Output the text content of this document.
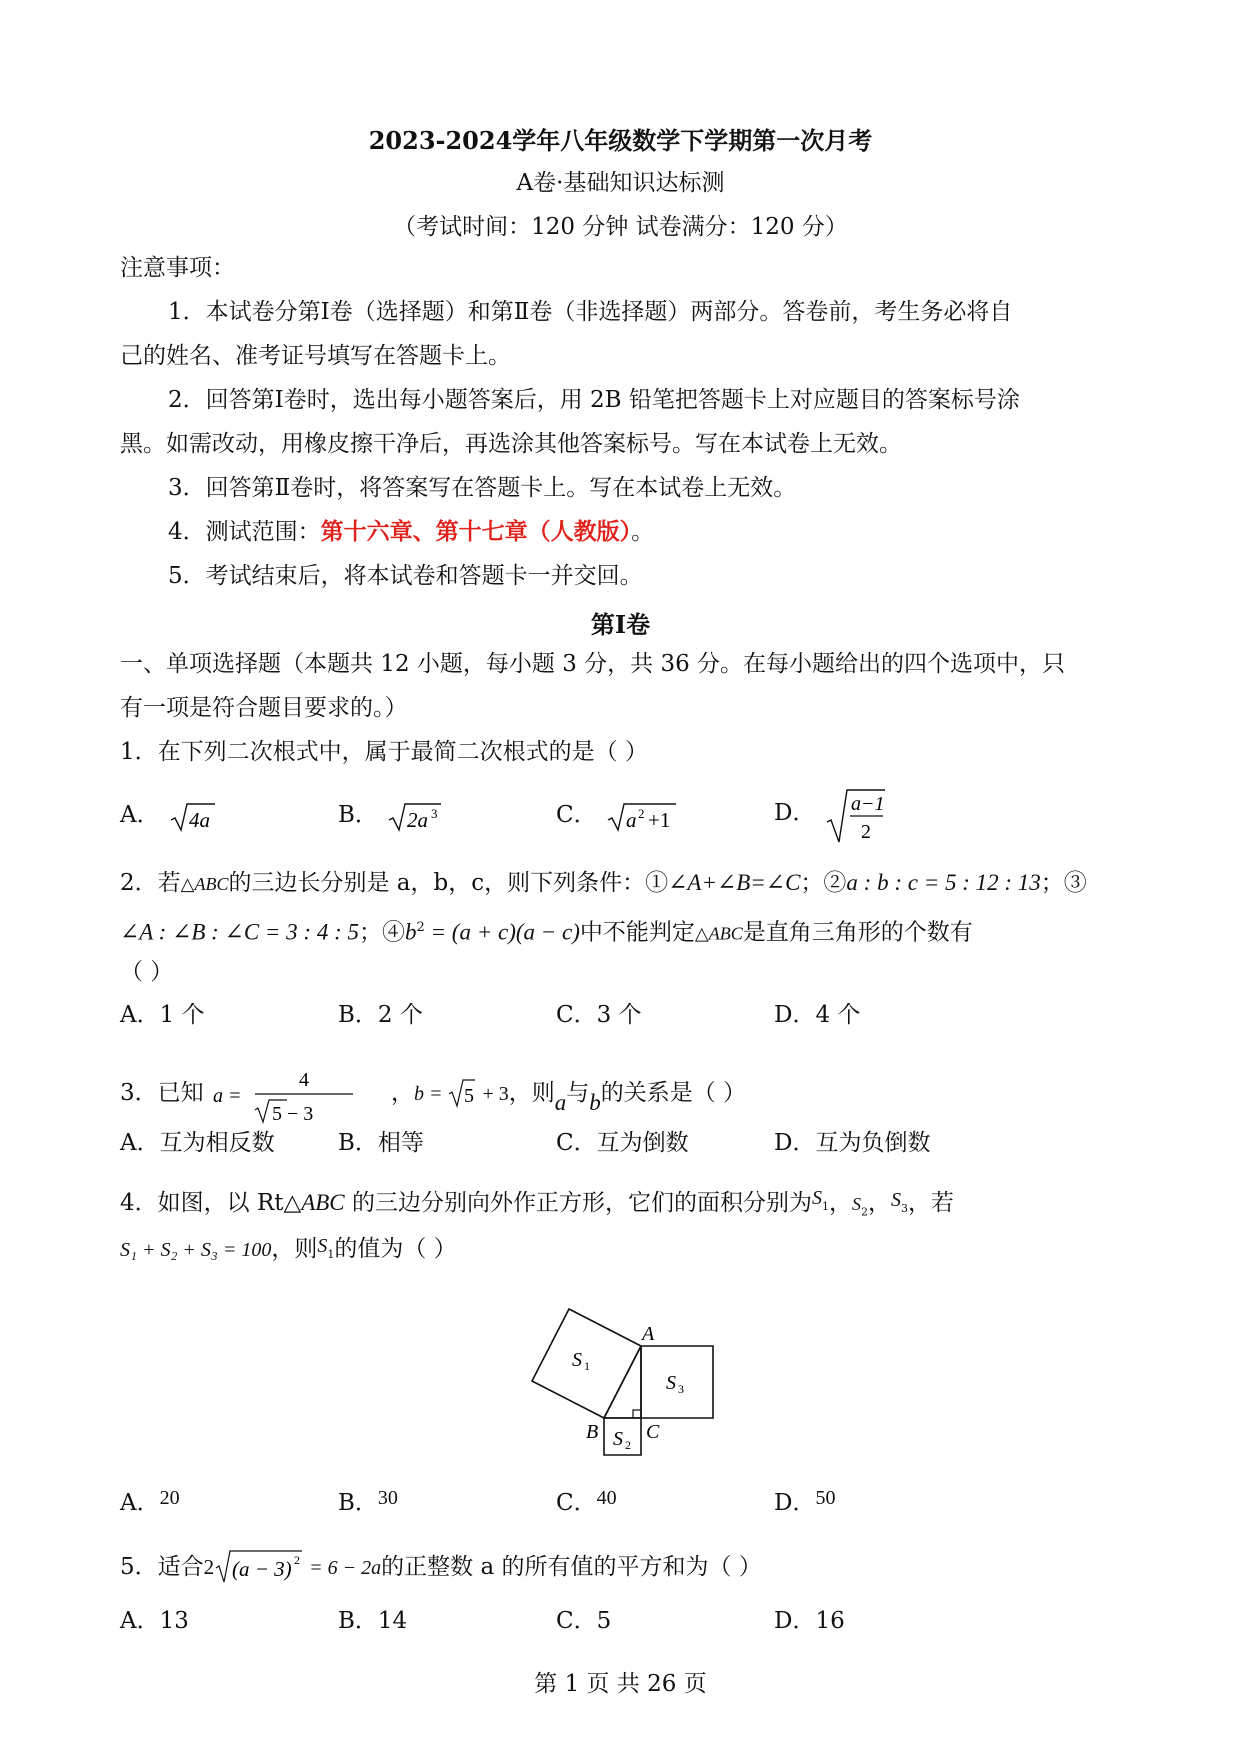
2023-2024学年八年级数学下学期第一次月考
A卷·基础知识达标测
（考试时间：120 分钟 试卷满分：120 分）
注意事项：
1．本试卷分第Ⅰ卷（选择题）和第Ⅱ卷（非选择题）两部分。答卷前，考生务必将自
己的姓名、准考证号填写在答题卡上。
2．回答第Ⅰ卷时，选出每小题答案后，用 2B 铅笔把答题卡上对应题目的答案标号涂
黑。如需改动，用橡皮擦干净后，再选涂其他答案标号。写在本试卷上无效。
3．回答第Ⅱ卷时，将答案写在答题卡上。写在本试卷上无效。
4．测试范围：第十六章、第十七章（人教版）。
5．考试结束后，将本试卷和答题卡一并交回。
第Ⅰ卷
一、单项选择题（本题共 12 小题，每小题 3 分，共 36 分。在每小题给出的四个选项中，只
有一项是符合题目要求的。）
1．在下列二次根式中，属于最简二次根式的是（ ）
A． 4a	B． 2a 3	C． a 2 +1	D． a−1
2
2．若△ABC的三边长分别是 a，b，c，则下列条件：①∠A+∠B=∠C；②a : b : c = 5 : 12 : 13；③
∠A : ∠B : ∠C = 3 : 4 : 5；$④b^2 = (a + c)(a - c)$中不能判定△ABC是直角三角形的个数有
（ ）
A．1 个	B．2 个	C．3 个	D．4 个
3．已知 a =
4
5 − 3
，b = 5 + 3，则a与b的关系是（ ）
A．互为相反数	B．相等	C．互为倒数	D．互为负倒数
4．如图，以 Rt△ABC 的三边分别向外作正方形，它们的面积分别为$S_1$，$S_2$，$S_3$，若
S₁ + S₂ + S₃ = 100，则$S_1$的值为（ ）
A
B C
S 1
S 2
S 3
A．20	B．30	C．40	D．50
5．适合2 (a − 3) 2 = 6 − 2a的正整数 a 的所有值的平方和为（ ）
A．13	B．14	C．5	D．16
第 1 页 共 26 页
